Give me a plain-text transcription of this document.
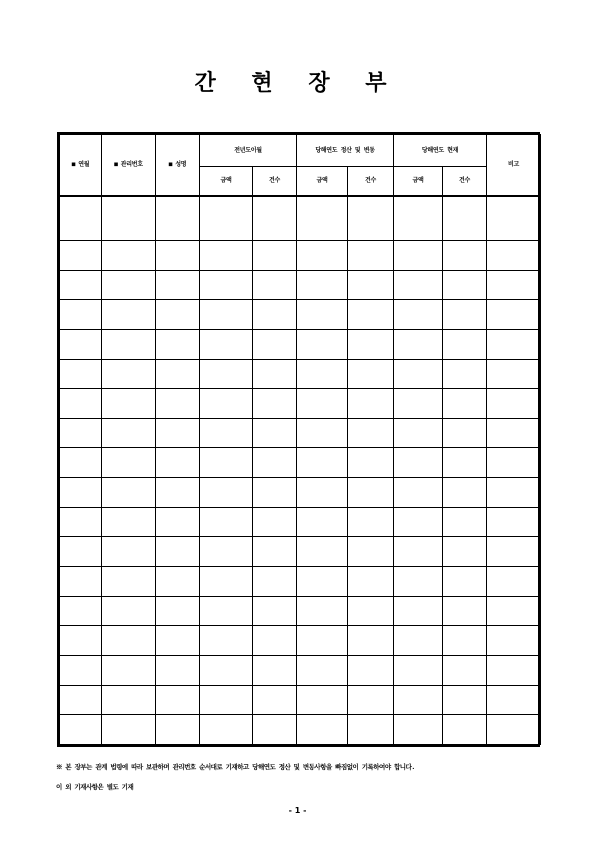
간 현 장 부
■ 연월	■ 관리번호	■ 성명	전년도이월		당해연도 정산 및 변동		당해연도 현재		비고
			금액	건수	금액	건수	금액	건수	

※ 본 장부는 관계 법령에 따라 보관하며 관리번호 순서대로 기재하고 당해연도 정산 및 변동사항을 빠짐없이 기록하여야 합니다.
이 외 기재사항은 별도 기재
- 1 -
